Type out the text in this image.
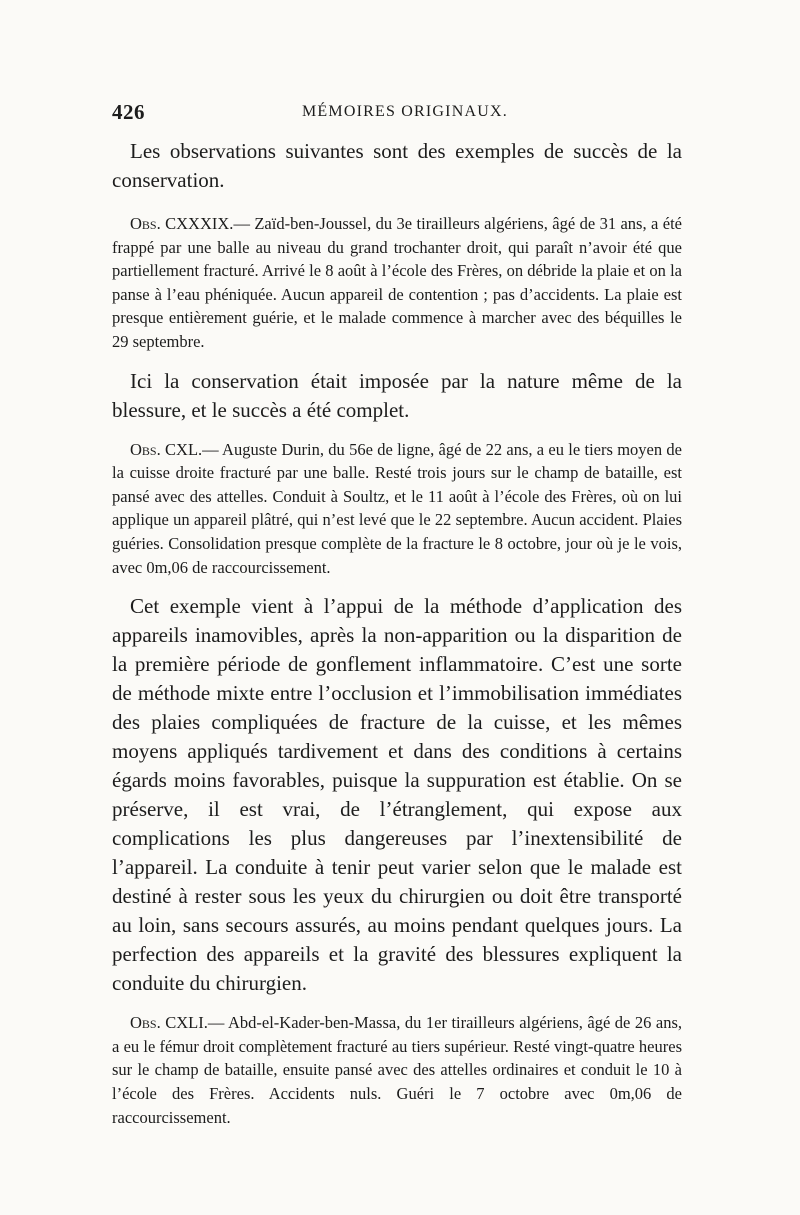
426	MÉMOIRES ORIGINAUX.

Les observations suivantes sont des exemples de succès de la conservation.

Obs. CXXXIX.— Zaïd-ben-Joussel, du 3e tirailleurs algériens, âgé de 31 ans, a été frappé par une balle au niveau du grand trochanter droit, qui paraît n’avoir été que partiellement fracturé. Arrivé le 8 août à l’école des Frères, on débride la plaie et on la panse à l’eau phéniquée. Aucun appareil de contention ; pas d’accidents. La plaie est presque entièrement guérie, et le malade commence à marcher avec des béquilles le 29 septembre.

Ici la conservation était imposée par la nature même de la blessure, et le succès a été complet.

Obs. CXL.— Auguste Durin, du 56e de ligne, âgé de 22 ans, a eu le tiers moyen de la cuisse droite fracturé par une balle. Resté trois jours sur le champ de bataille, est pansé avec des attelles. Conduit à Soultz, et le 11 août à l’école des Frères, où on lui applique un appareil plâtré, qui n’est levé que le 22 septembre. Aucun accident. Plaies guéries. Consolidation presque complète de la fracture le 8 octobre, jour où je le vois, avec 0m,06 de raccourcissement.

Cet exemple vient à l’appui de la méthode d’application des appareils inamovibles, après la non-apparition ou la disparition de la première période de gonflement inflammatoire. C’est une sorte de méthode mixte entre l’occlusion et l’immobilisation immédiates des plaies compliquées de fracture de la cuisse, et les mêmes moyens appliqués tardivement et dans des conditions à certains égards moins favorables, puisque la suppuration est établie. On se préserve, il est vrai, de l’étranglement, qui expose aux complications les plus dangereuses par l’inextensibilité de l’appareil. La conduite à tenir peut varier selon que le malade est destiné à rester sous les yeux du chirurgien ou doit être transporté au loin, sans secours assurés, au moins pendant quelques jours. La perfection des appareils et la gravité des blessures expliquent la conduite du chirurgien.

Obs. CXLI.— Abd-el-Kader-ben-Massa, du 1er tirailleurs algériens, âgé de 26 ans, a eu le fémur droit complètement fracturé au tiers supérieur. Resté vingt-quatre heures sur le champ de bataille, ensuite pansé avec des attelles ordinaires et conduit le 10 à l’école des Frères. Accidents nuls. Guéri le 7 octobre avec 0m,06 de raccourcissement.
